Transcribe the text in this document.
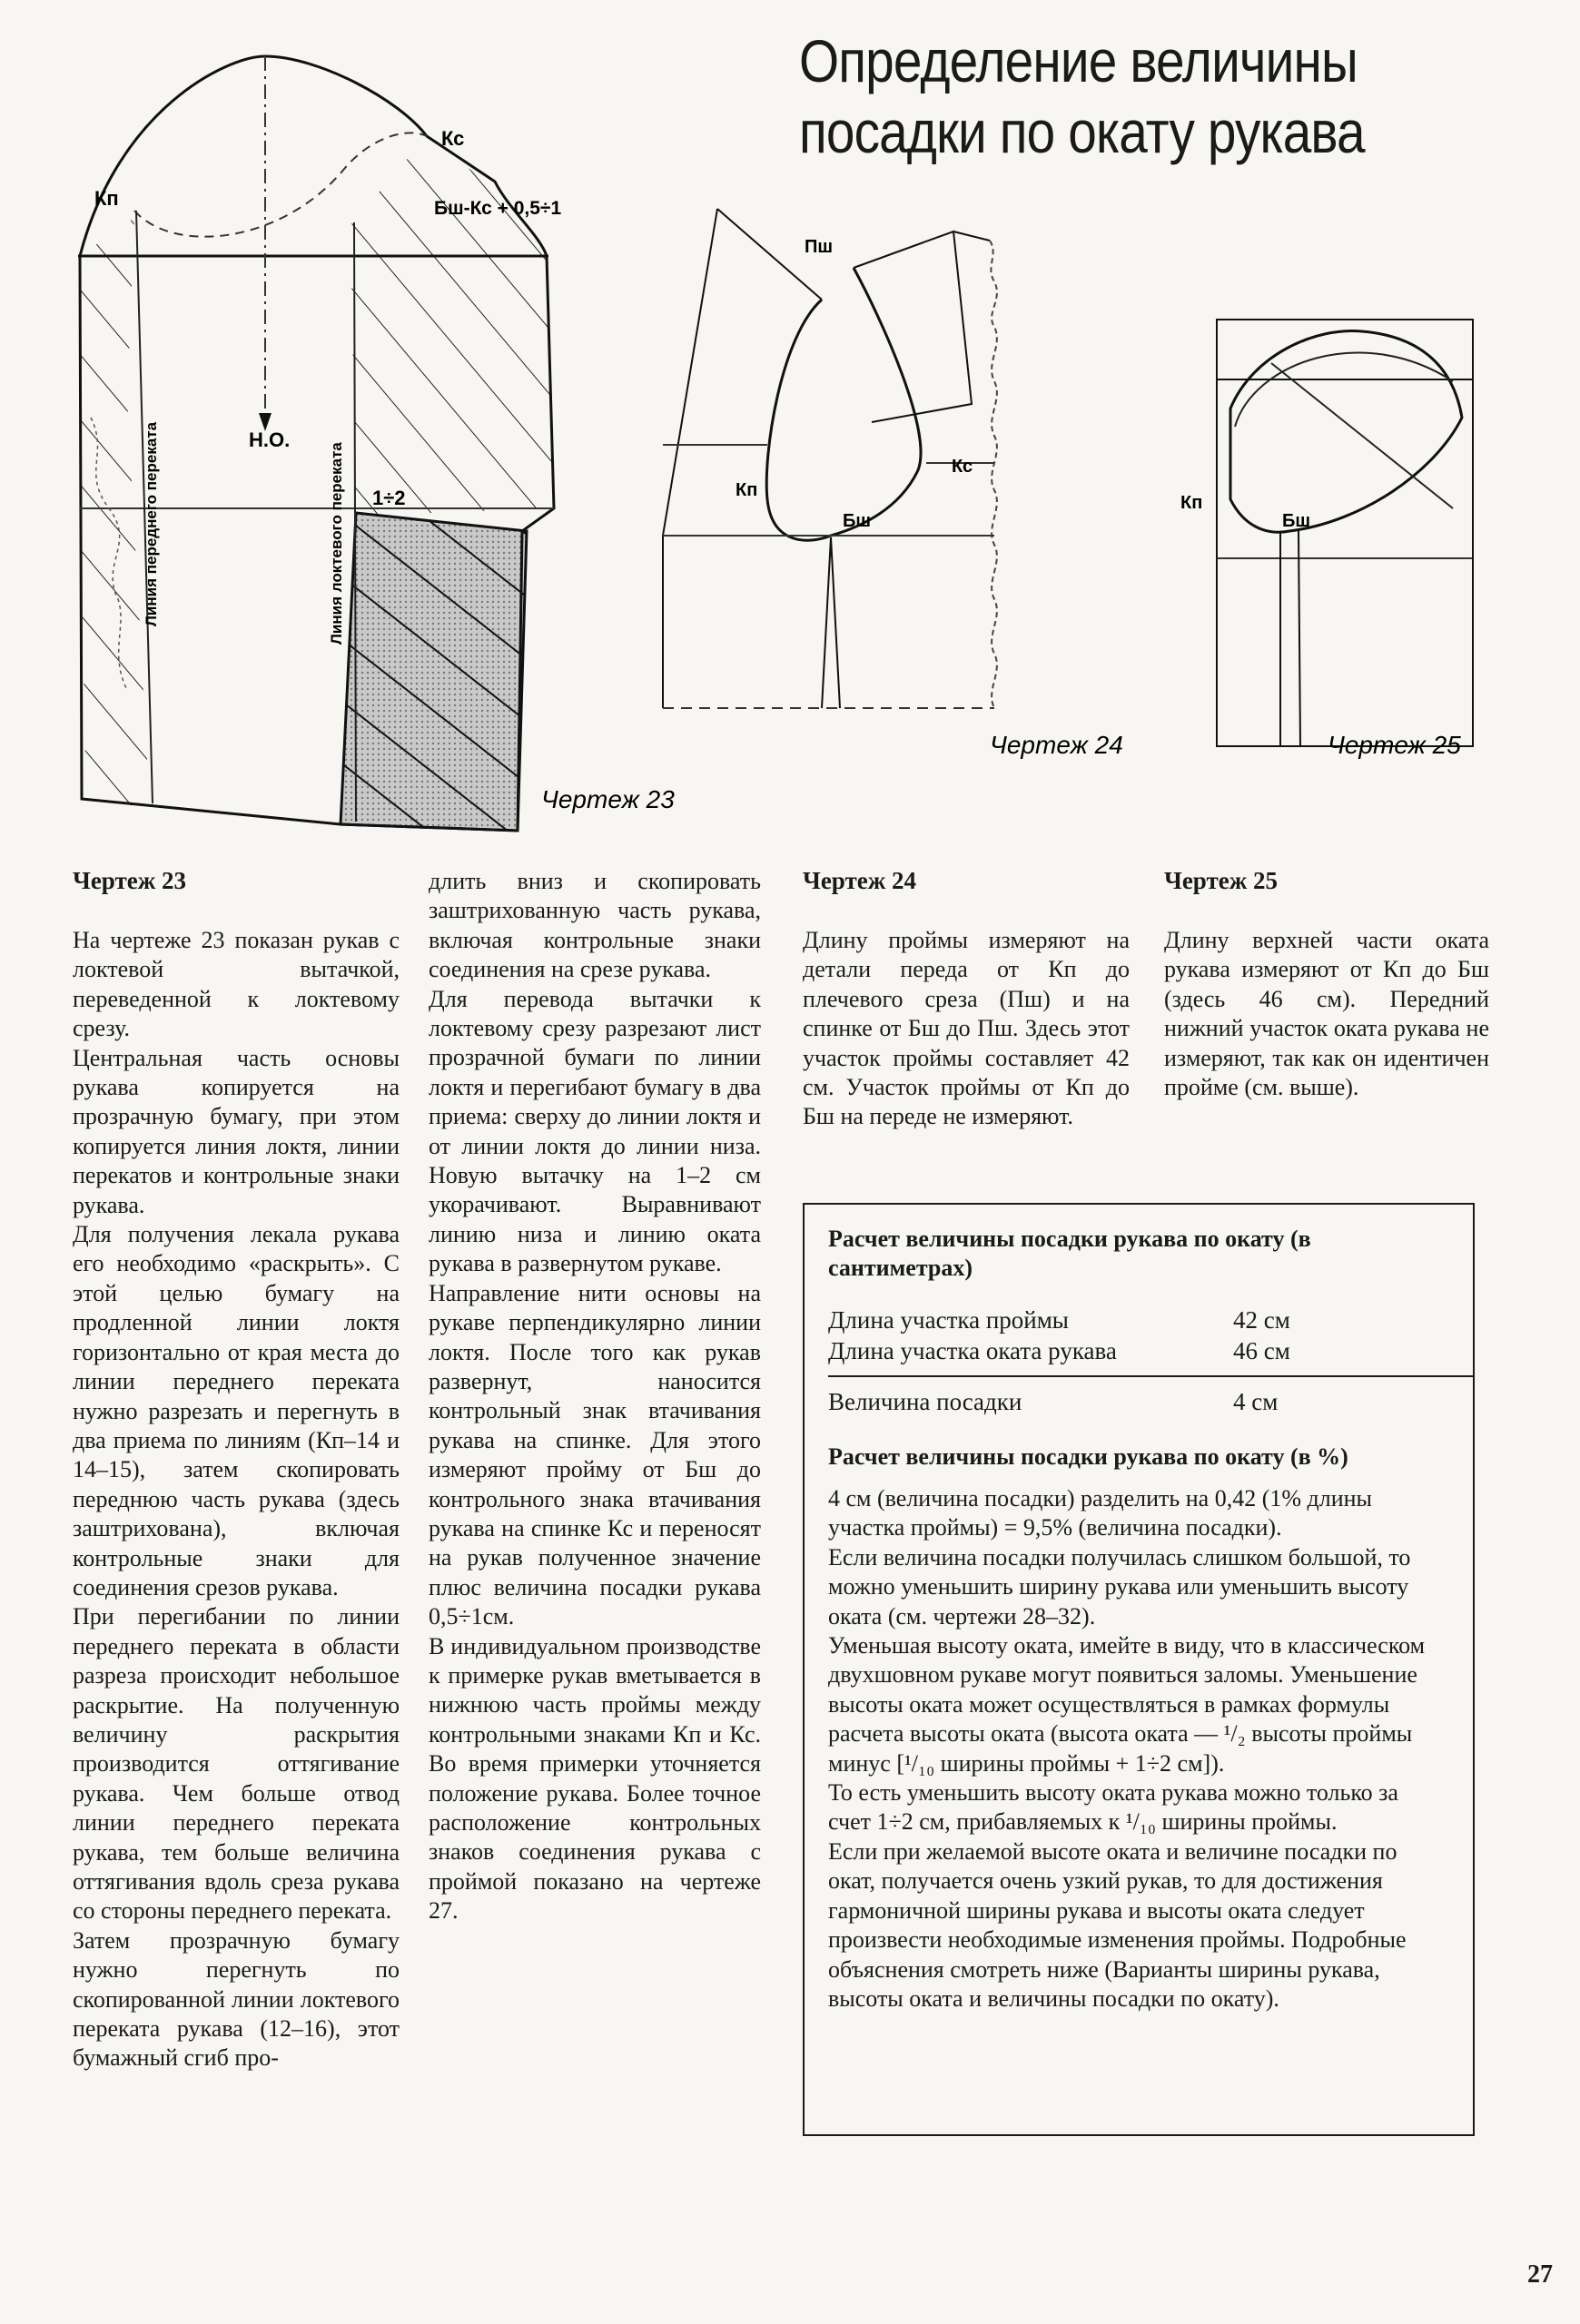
Определение величины
посадки по окату рукава
Кп
Кс
Бш-Кс + 0,5÷1
Н.О.
1÷2
Линия переднего переката	Линия локтевого переката
Чертеж 23
Пш
Кп
Кс
Бш
Чертеж 24
Кп
Бш
Чертеж 25
Чертеж 23

На чертеже 23 показан рукав с локтевой вытачкой, переведенной к локтевому срезу.

Центральная часть основы рукава копируется на прозрачную бумагу, при этом копируется линия локтя, линии перекатов и контрольные знаки рукава.

Для получения лекала рукава его необходимо «раскрыть». С этой целью бумагу на продленной линии локтя горизонтально от края места до линии переднего переката нужно разрезать и перегнуть в два приема по линиям (Кп–14 и 14–15), затем скопировать переднюю часть рукава (здесь заштрихована), включая контрольные знаки для соединения срезов рукава.

При перегибании по линии переднего переката в области разреза происходит небольшое раскрытие. На полученную величину раскрытия производится оттягивание рукава. Чем больше отвод линии переднего переката рукава, тем больше величина оттягивания вдоль среза рукава со стороны переднего переката.

Затем прозрачную бумагу нужно перегнуть по скопированной линии локтевого переката рукава (12–16), этот бумажный сгиб про-

длить вниз и скопировать заштрихованную часть рукава, включая контрольные знаки соединения на срезе рукава.

Для перевода вытачки к локтевому срезу разрезают лист прозрачной бумаги по линии локтя и перегибают бумагу в два приема: сверху до линии локтя и от линии локтя до линии низа. Новую вытачку на 1–2 см укорачивают. Выравнивают линию низа и линию оката рукава в развернутом рукаве.

Направление нити основы на рукаве перпендикулярно линии локтя. После того как рукав развернут, наносится контрольный знак втачивания рукава на спинке. Для этого измеряют пройму от Бш до контрольного знака втачивания рукава на спинке Кс и переносят на рукав полученное значение плюс величина посадки рукава 0,5÷1см.

В индивидуальном производстве к примерке рукав вметывается в нижнюю часть проймы между контрольными знаками Кп и Кс. Во время примерки уточняется положение рукава. Более точное расположение контрольных знаков соединения рукава с проймой показано на чертеже 27.

Чертеж 24
Длину проймы измеряют на детали переда от Кп до плечевого среза (Пш) и на спинке от Бш до Пш. Здесь этот участок проймы составляет 42 см. Участок проймы от Кп до Бш на переде не измеряют.
Чертеж 25
Длину верхней части оката рукава измеряют от Кп до Бш (здесь 46 см). Передний нижний участок оката рукава не измеряют, так как он идентичен пройме (см. выше).
Расчет величины посадки рукава по окату (в сантиметрах)
Длина участка проймы	42 см
Длина участка оката рукава	46 см
Величина посадки	4 см
Расчет величины посадки рукава по окату (в %)

4 см (величина посадки) разделить на 0,42 (1% длины участка проймы) = 9,5% (величина посадки).

Если величина посадки получилась слишком большой, то можно уменьшить ширину рукава или уменьшить высоту оката (см. чертежи 28–32).

Уменьшая высоту оката, имейте в виду, что в классическом двухшовном рукаве могут появиться заломы. Уменьшение высоты оката может осуществляться в рамках формулы расчета высоты оката (высота оката — ¹/₂ высоты проймы минус [¹/₁₀ ширины проймы + 1÷2 см]).

То есть уменьшить высоту оката рукава можно только за счет 1÷2 см, прибавляемых к ¹/₁₀ ширины проймы.

Если при желаемой высоте оката и величине посадки по окат, получается очень узкий рукав, то для достижения гармоничной ширины рукава и высоты оката следует произвести необходимые изменения проймы. Подробные объяснения смотреть ниже (Варианты ширины рукава, высоты оката и величины посадки по окату).

27
